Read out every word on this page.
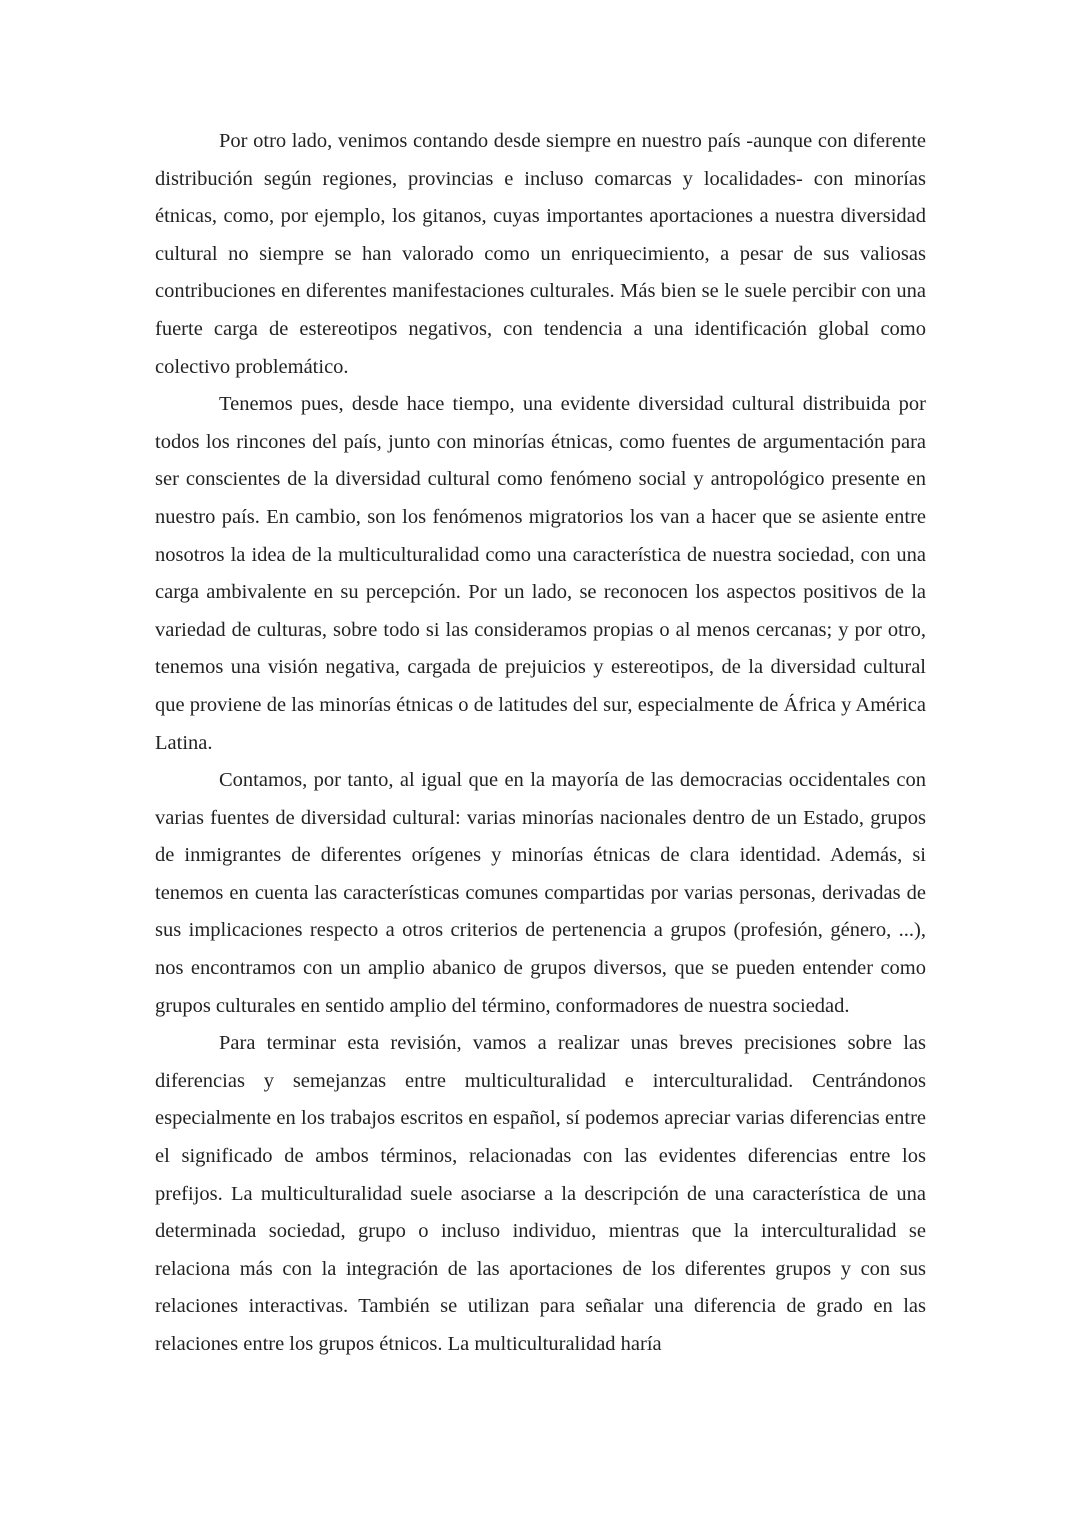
Por otro lado, venimos contando desde siempre en nuestro país -aunque con diferente distribución según regiones, provincias e incluso comarcas y localidades- con minorías étnicas, como, por ejemplo, los gitanos, cuyas importantes aportaciones a nuestra diversidad cultural no siempre se han valorado como un enriquecimiento, a pesar de sus valiosas contribuciones en diferentes manifestaciones culturales. Más bien se le suele percibir con una fuerte carga de estereotipos negativos, con tendencia a una identificación global como colectivo problemático.

Tenemos pues, desde hace tiempo, una evidente diversidad cultural distribuida por todos los rincones del país, junto con minorías étnicas, como fuentes de argumentación para ser conscientes de la diversidad cultural como fenómeno social y antropológico presente en nuestro país. En cambio, son los fenómenos migratorios los van a hacer que se asiente entre nosotros la idea de la multiculturalidad como una característica de nuestra sociedad, con una carga ambivalente en su percepción. Por un lado, se reconocen los aspectos positivos de la variedad de culturas, sobre todo si las consideramos propias o al menos cercanas; y por otro, tenemos una visión negativa, cargada de prejuicios y estereotipos, de la diversidad cultural que proviene de las minorías étnicas o de latitudes del sur, especialmente de África y América Latina.

Contamos, por tanto, al igual que en la mayoría de las democracias occidentales con varias fuentes de diversidad cultural: varias minorías nacionales dentro de un Estado, grupos de inmigrantes de diferentes orígenes y minorías étnicas de clara identidad. Además, si tenemos en cuenta las características comunes compartidas por varias personas, derivadas de sus implicaciones respecto a otros criterios de pertenencia a grupos (profesión, género, ...), nos encontramos con un amplio abanico de grupos diversos, que se pueden entender como grupos culturales en sentido amplio del término, conformadores de nuestra sociedad.

Para terminar esta revisión, vamos a realizar unas breves precisiones sobre las diferencias y semejanzas entre multiculturalidad e interculturalidad. Centrándonos especialmente en los trabajos escritos en español, sí podemos apreciar varias diferencias entre el significado de ambos términos, relacionadas con las evidentes diferencias entre los prefijos. La multiculturalidad suele asociarse a la descripción de una característica de una determinada sociedad, grupo o incluso individuo, mientras que la interculturalidad se relaciona más con la integración de las aportaciones de los diferentes grupos y con sus relaciones interactivas. También se utilizan para señalar una diferencia de grado en las relaciones entre los grupos étnicos. La multiculturalidad haría
